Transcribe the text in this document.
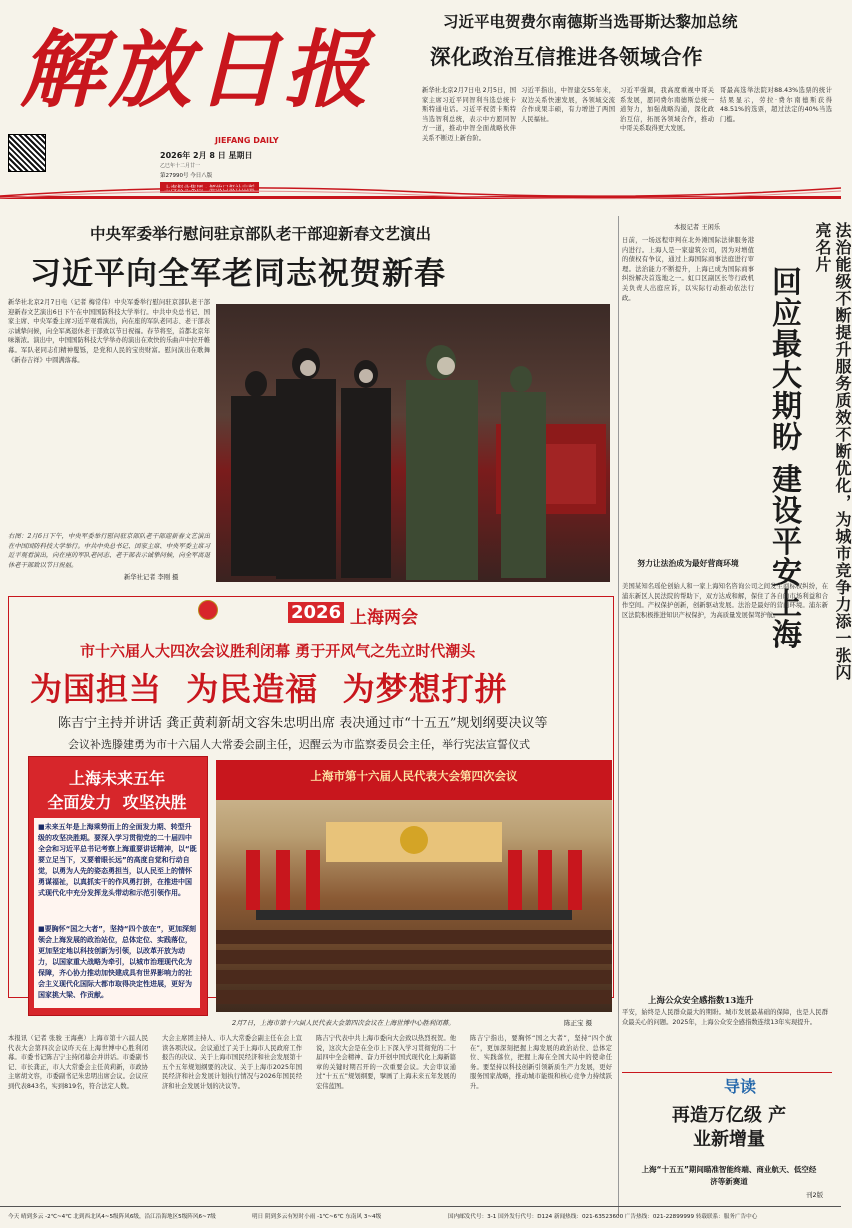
解放日报
JIEFANG DAILY
2026年 2月 8 日 星期日
乙巳年十二月廿一
第27990号 今日八版
上海报业集团 · 解放日报社出版
习近平电贺费尔南德斯当选哥斯达黎加总统
深化政治互信推进各领域合作
新华社北京2月7日电 2月5日，国家主席习近平同智利当选总统卡斯特通电话。习近平祝贺卡斯特当选智利总统，表示中方愿同智方一道，推动中智全面战略伙伴关系不断迈上新台阶。
习近平指出，中智建交55年来，双边关系快速发展，各领域交流合作成果丰硕，有力增进了两国人民福祉。
习近平强调，我高度重视中哥关系发展，愿同费尔南德斯总统一道努力，加强战略沟通，深化政治互信，拓展各领域合作，推动中哥关系取得更大发展。
哥最高选举法院对88.43%选票的统计结果显示，劳拉·费尔南德斯获得48.51%的选票，超过法定的40%当选门槛。
中央军委举行慰问驻京部队老干部迎新春文艺演出
习近平向全军老同志祝贺新春
新华社北京2月7日电（记者 梅常伟）中央军委举行慰问驻京部队老干部迎新春文艺演出6日下午在中国国防科技大学举行。中共中央总书记、国家主席、中央军委主席习近平观看演出，向在座的军队老同志、老干部表示诚挚问候，向全军离退休老干部致以节日祝福。春节将至，首都北京年味渐浓。演出中，中国国防科技大学举办的演出在欢快的乐曲声中拉开帷幕。军队老同志们精神矍铄，是党和人民的宝贵财富。慰问演出在歌舞《新春吉祥》中圆满落幕。
右图：2月6日下午，中央军委举行慰问驻京部队老干部迎新春文艺演出在中国国防科技大学举行。中共中央总书记、国家主席、中央军委主席习近平观看演出，向在座的军队老同志、老干部表示诚挚问候，向全军离退休老干部致以节日祝福。
新华社记者 李刚 摄
本报记者 王闲乐	法治能级不断提升服务质效不断优化，为城市竞争力添一张闪亮名片
回应最大期盼 建设平安上海
日前，一场远程审判在北外滩国际法律服务港内进行。上海人是一家建筑公司，因为对增值的债权有争议，通过上海国际商事法庭进行审理。法治能力不断提升，上海已成为国际商事纠纷解决首选地之一。虹口区副区长等行政机关负责人出庭应诉，以实际行动推动依法行政。
努力让法治成为最好营商环境
美国某知名瑶伦创始人和一家上海知名咨询公司之间发生商标权纠纷，在浦东新区人民法院的帮助下，双方达成和解，保住了各自的市场利益和合作空间。产权保护创新，创新驱动发展。法治是最好的营商环境。浦东新区法院积极推进知识产权保护，为高质量发展保驾护航。
上海公众安全感指数13连升
平安，始终是人民群众最大的期盼。城市发展最基础的保障，也是人民群众最关心的问题。2025年，上海公众安全感指数连续13年实现提升。
导读
再造万亿级 产业新增量
上海“十五五”期间瞄准智能终端、商业航天、低空经济等新赛道
刊2版
2026 上海两会
市十六届人大四次会议胜利闭幕 勇于开风气之先立时代潮头
为国担当  为民造福  为梦想打拼
陈吉宁主持并讲话 龚正黄莉新胡文容朱忠明出席 表决通过市“十五五”规划纲要决议等
会议补选滕建勇为市十六届人大常委会副主任，迟醒云为市监察委员会主任，举行宪法宣誓仪式
上海未来五年
全面发力  攻坚决胜
■未来五年是上海乘势而上的全面发力期、转型升级的攻坚决胜期。要深入学习贯彻党的二十届四中全会和习近平总书记考察上海重要讲话精神，以“既要立足当下，又要着眼长远”的高度自觉和行动自觉，以勇为人先的姿态勇担当，以人民至上的情怀勇谋福祉，以真抓实干的作风勇打拼，在推进中国式现代化中充分发挥龙头带动和示范引领作用。
■要胸怀“国之大者”，坚持“四个放在”，更加深刻领会上海发展的政治站位，总体定位、实践落位，更加坚定地以科技创新为引领，以改革开放为动力，以国家重大战略为牵引，以城市治理现代化为保障，齐心协力推动加快建成具有世界影响力的社会主义现代化国际大都市取得决定性进展，更好为国家挑大梁、作贡献。
上海市第十六届人民代表大会第四次会议
2月7日，上海市第十六届人民代表大会第四次会议在上海世博中心胜利闭幕。	陈正宝 摄
本报讯（记者 张骏 王海燕）上海市第十六届人民代表大会第四次会议昨天在上海世博中心胜利闭幕。市委书记陈吉宁主持闭幕会并讲话。市委副书记、市长龚正，市人大常委会主任黄莉新，市政协主席胡文容，市委副书记朱忠明出席会议。会议应到代表843名，实到819名，符合法定人数。
大会主席团主持人、市人大常委会副主任在会上宣读各项决议。会议通过了关于上海市人民政府工作报告的决议、关于上海市国民经济和社会发展第十五个五年规划纲要的决议、关于上海市2025年国民经济和社会发展计划执行情况与2026年国民经济和社会发展计划的决议等。
陈吉宁代表中共上海市委向大会致以热烈祝贺。他说，这次大会是在全市上下深入学习贯彻党的二十届四中全会精神、奋力开创中国式现代化上海新篇章的关键时期召开的一次重要会议。大会审议通过“十五五”规划纲要，擘画了上海未来五年发展的宏伟蓝图。
陈吉宁指出，要胸怀“国之大者”，坚持“四个放在”，更加深刻把握上海发展的政治站位、总体定位、实践落位，把握上海在全国大局中的使命任务。要坚持以科技创新引领新质生产力发展，更好服务国家战略，推动城市能级和核心竞争力持续跃升。
今天 晴到多云 -2℃~4℃ 北到西北风4~5级阵风6级，沿江沿海地区5级阵风6~7级	明日 阴到多云有短时小雨 -1℃~6℃ 东南风 3~4级	国内邮发代号：3-1 国外发行代号：D124 新闻热线：021-63523600 广告热线：021-22899999 转载联系：服务广告中心
